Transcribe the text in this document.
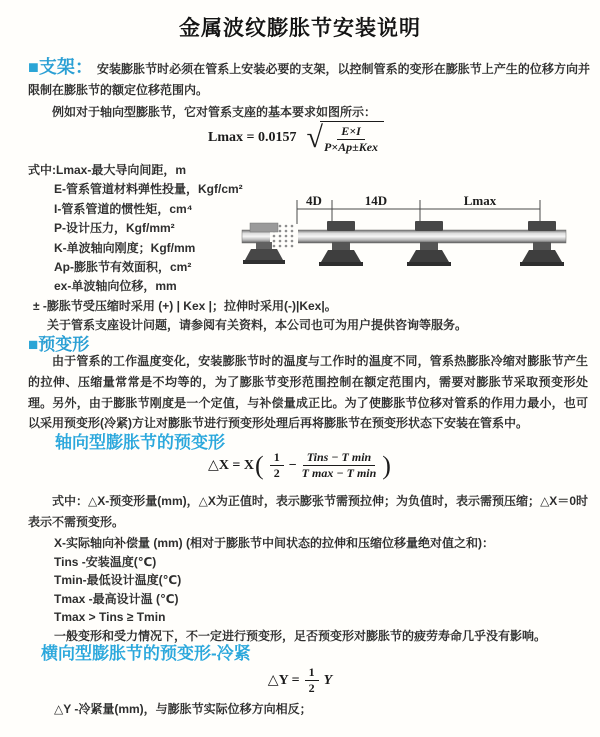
金属波纹膨胀节安装说明

■支架： 安装膨胀节时必须在管系上安装必要的支架，以控制管系的变形在膨胀节上产生的位移方向并限制在膨胀节的额定位移范围内。

例如对于轴向型膨胀节，它对管系支座的基本要求如图所示：

Lmax = 0.0157 √ $\frac{E\times I}{\text{P×Ap±Kex}}$
式中:Lmax-最大导向间距，m
E-管系管道材料弹性投量，Kgf/cm²
I-管系管道的惯性矩，cm⁴
P-设计压力，Kgf/mm²
K-单波轴向刚度；Kgf/mm
Ap-膨胀节有效面积，cm²
ex-单波轴向位移，mm
± -膨胀节受压缩时采用 (+) | Kex |；拉伸时采用(-)|Kex|。
关于管系支座设计问题，请参阅有关资料，本公司也可为用户提供咨询等服务。
4D	14D	Lmax
■预变形
由于管系的工作温度变化，安装膨胀节时的温度与工作时的温度不同，管系热膨胀冷缩对膨胀节产生的拉伸、压缩量常常是不均等的，为了膨胀节变形范围控制在额定范围内，需要对膨胀节采取预变形处理。另外，由于膨胀节刚度是一个定值，与补偿量成正比。为了使膨胀节位移对管系的作用力最小，也可以采用预变形(冷紧)方让对膨胀节进行预变形处理后再将膨胀节在预变形状态下安装在管系中。
轴向型膨胀节的预变形
△X = X ( $\frac{1}{2} - \frac{\text{Tins − T min}}{\text{T max − T min}}$ )

式中：△X-预变形量(mm)，△X为正值时，表示膨张节需预拉伸；为负值时，表示需预压缩；△X＝0时表示不需预变形。

X-实际轴向补偿量 (mm) (相对于膨胀节中间状态的拉伸和压缩位移量绝对值之和)：
Tins -安装温度(℃)
Tmin-最低设计温度(℃)
Tmax -最高设计温 (℃)
Tmax > Tins ≥ Tmin
一般变形和受力情况下，不一定进行预变形，足否预变形对膨胀节的疲劳寿命几乎没有影响。
横向型膨胀节的预变形-冷紧
△Y = $\frac{1}{2}$ Y
△Y -冷紧量(mm)，与膨胀节实际位移方向相反；
